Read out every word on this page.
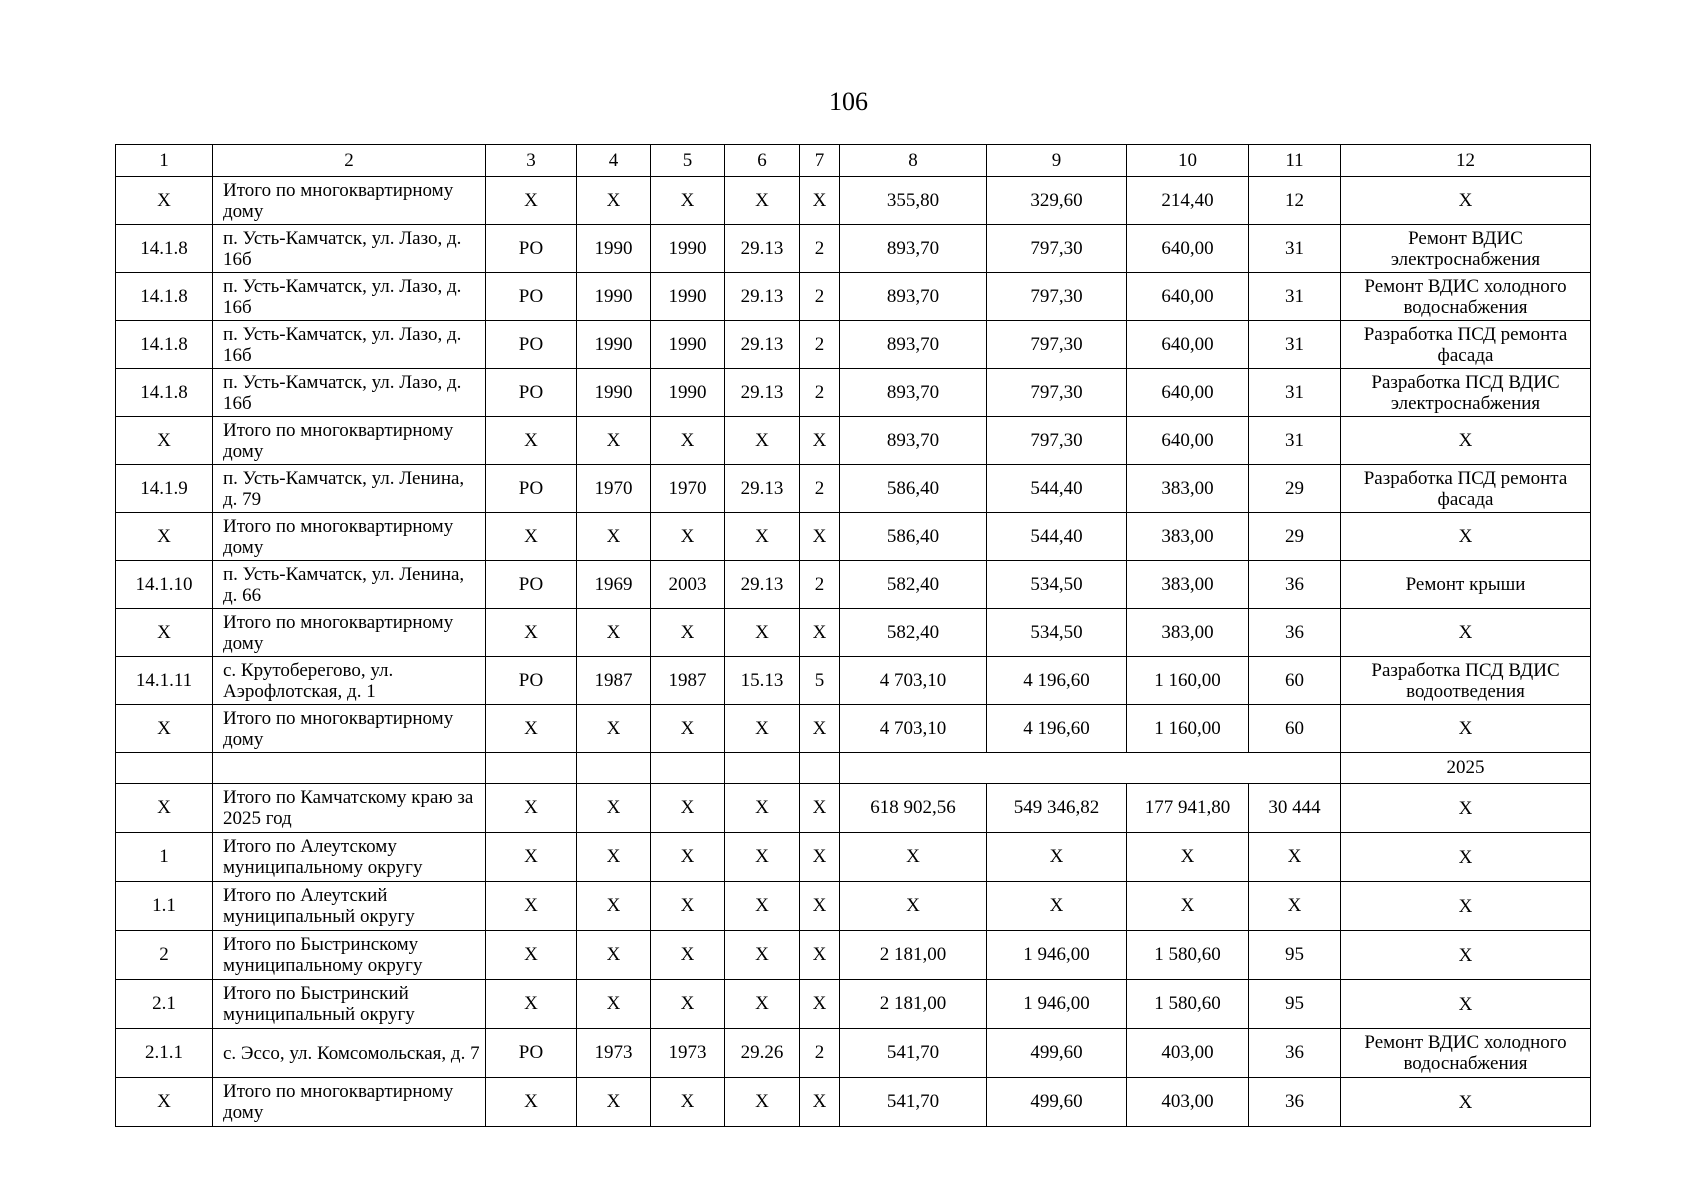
106
1	2	3	4	5	6	7	8	9	10	11	12
Х	Итого по многоквартирному дому	Х	Х	Х	Х	Х	355,80	329,60	214,40	12	Х
14.1.8	п. Усть-Камчатск, ул. Лазо, д. 16б	РО	1990	1990	29.13	2	893,70	797,30	640,00	31	Ремонт ВДИС электроснабжения
14.1.8	п. Усть-Камчатск, ул. Лазо, д. 16б	РО	1990	1990	29.13	2	893,70	797,30	640,00	31	Ремонт ВДИС холодного водоснабжения
14.1.8	п. Усть-Камчатск, ул. Лазо, д. 16б	РО	1990	1990	29.13	2	893,70	797,30	640,00	31	Разработка ПСД ремонта фасада
14.1.8	п. Усть-Камчатск, ул. Лазо, д. 16б	РО	1990	1990	29.13	2	893,70	797,30	640,00	31	Разработка ПСД ВДИС электроснабжения
Х	Итого по многоквартирному дому	Х	Х	Х	Х	Х	893,70	797,30	640,00	31	Х
14.1.9	п. Усть-Камчатск, ул. Ленина, д. 79	РО	1970	1970	29.13	2	586,40	544,40	383,00	29	Разработка ПСД ремонта фасада
Х	Итого по многоквартирному дому	Х	Х	Х	Х	Х	586,40	544,40	383,00	29	Х
14.1.10	п. Усть-Камчатск, ул. Ленина, д. 66	РО	1969	2003	29.13	2	582,40	534,50	383,00	36	Ремонт крыши
Х	Итого по многоквартирному дому	Х	Х	Х	Х	Х	582,40	534,50	383,00	36	Х
14.1.11	с. Крутоберегово, ул. Аэрофлотская, д. 1	РО	1987	1987	15.13	5	4 703,10	4 196,60	1 160,00	60	Разработка ПСД ВДИС водоотведения
Х	Итого по многоквартирному дому	Х	Х	Х	Х	Х	4 703,10	4 196,60	1 160,00	60	Х
											2025
Х	Итого по Камчатскому краю за 2025 год	Х	Х	Х	Х	Х	618 902,56	549 346,82	177 941,80	30 444	Х
1	Итого по Алеутскому муниципальному округу	Х	Х	Х	Х	Х	Х	Х	Х	Х	Х
1.1	Итого по Алеутский муниципальный округу	Х	Х	Х	Х	Х	Х	Х	Х	Х	Х
2	Итого по Быстринскому муниципальному округу	Х	Х	Х	Х	Х	2 181,00	1 946,00	1 580,60	95	Х
2.1	Итого по Быстринский муниципальный округу	Х	Х	Х	Х	Х	2 181,00	1 946,00	1 580,60	95	Х
2.1.1	с. Эссо, ул. Комсомольская, д. 7	РО	1973	1973	29.26	2	541,70	499,60	403,00	36	Ремонт ВДИС холодного водоснабжения
Х	Итого по многоквартирному дому	Х	Х	Х	Х	Х	541,70	499,60	403,00	36	Х
